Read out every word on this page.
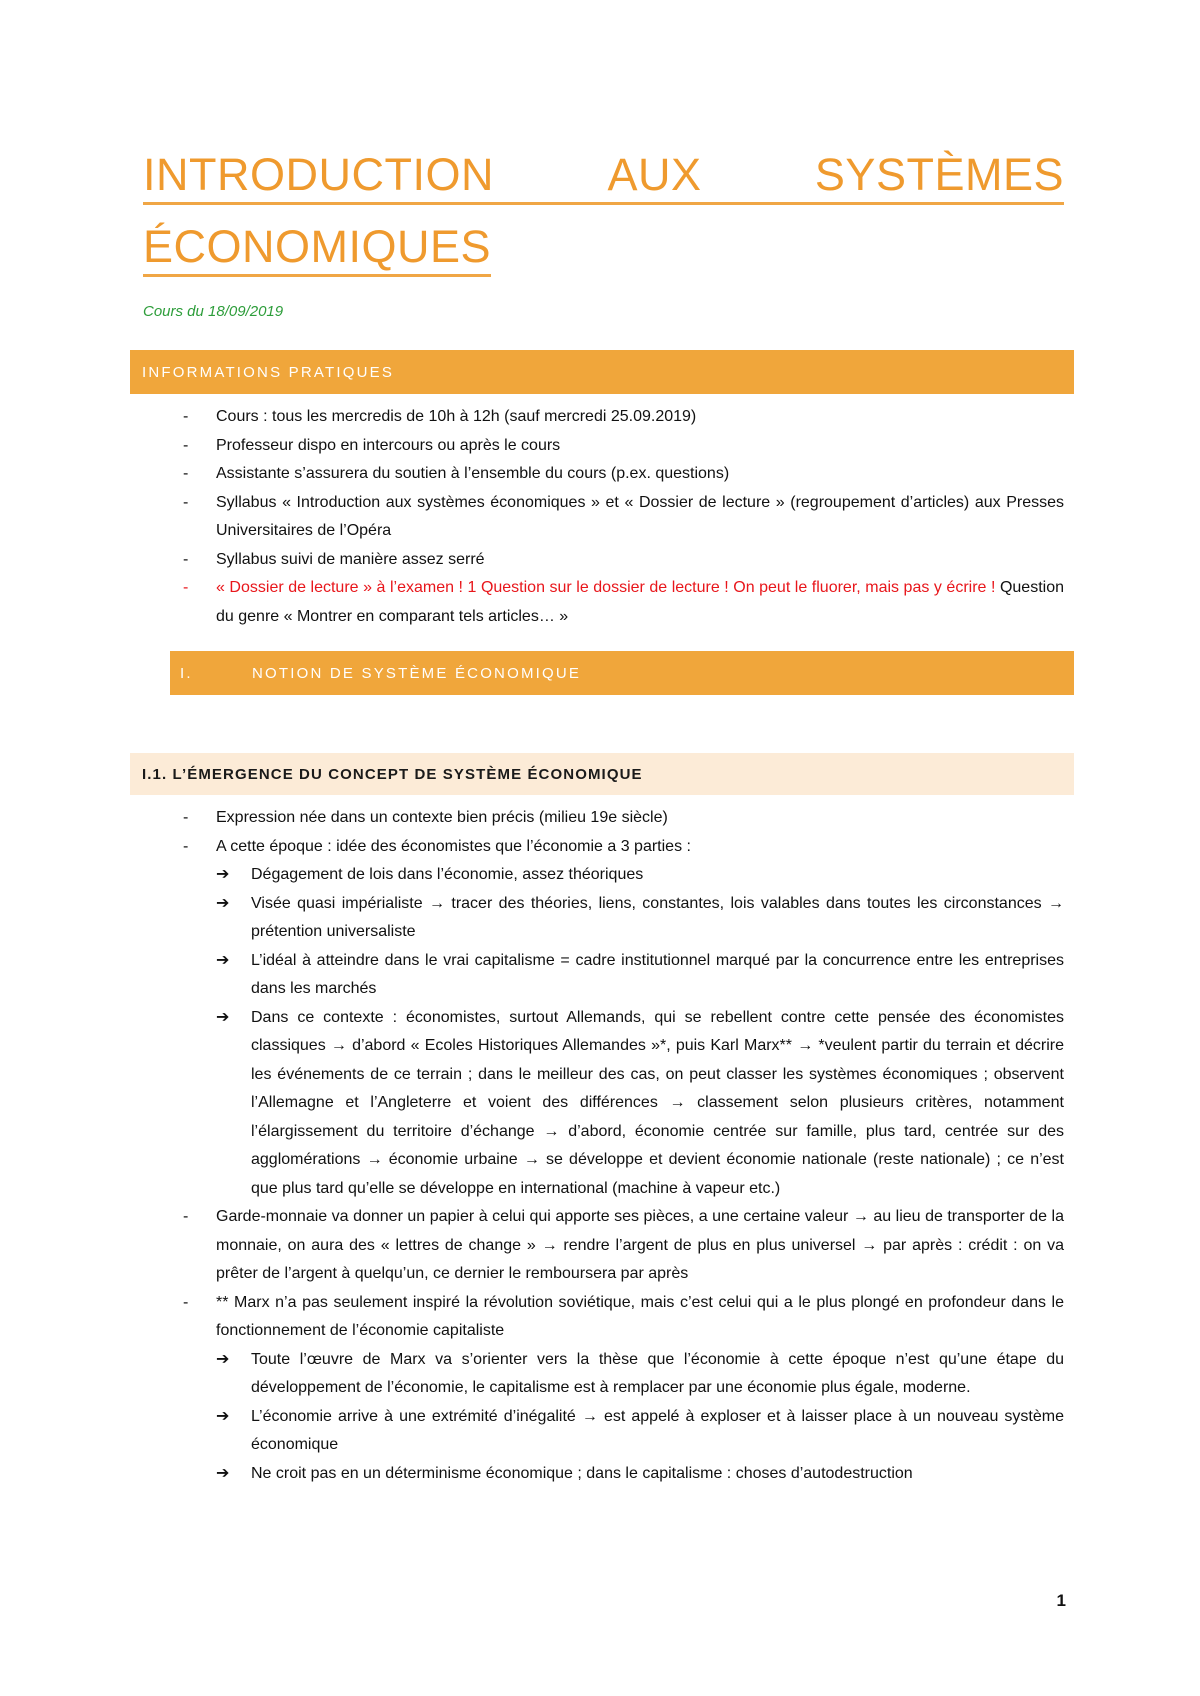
INTRODUCTION	AUX	SYSTÈMES
ÉCONOMIQUES
Cours du 18/09/2019
INFORMATIONS PRATIQUES
- Cours : tous les mercredis de 10h à 12h (sauf mercredi 25.09.2019)
- Professeur dispo en intercours ou après le cours
- Assistante s’assurera du soutien à l’ensemble du cours (p.ex. questions)
- Syllabus « Introduction aux systèmes économiques » et « Dossier de lecture » (regroupement d’articles) aux Presses Universitaires de l’Opéra
- Syllabus suivi de manière assez serré
- « Dossier de lecture » à l’examen ! 1 Question sur le dossier de lecture ! On peut le fluorer, mais pas y écrire ! Question du genre « Montrer en comparant tels articles… »
I.	NOTION DE SYSTÈME ÉCONOMIQUE
I.1. L’ÉMERGENCE DU CONCEPT DE SYSTÈME ÉCONOMIQUE
- Expression née dans un contexte bien précis (milieu 19e siècle)
- A cette époque : idée des économistes que l’économie a 3 parties :
➔ Dégagement de lois dans l’économie, assez théoriques
➔ Visée quasi impérialiste → tracer des théories, liens, constantes, lois valables dans toutes les circonstances → prétention universaliste
➔ L’idéal à atteindre dans le vrai capitalisme = cadre institutionnel marqué par la concurrence entre les entreprises dans les marchés
➔ Dans ce contexte : économistes, surtout Allemands, qui se rebellent contre cette pensée des économistes classiques → d’abord « Ecoles Historiques Allemandes »*, puis Karl Marx** → *veulent partir du terrain et décrire les événements de ce terrain ; dans le meilleur des cas, on peut classer les systèmes économiques ; observent l’Allemagne et l’Angleterre et voient des différences → classement selon plusieurs critères, notamment l’élargissement du territoire d’échange → d’abord, économie centrée sur famille, plus tard, centrée sur des agglomérations → économie urbaine → se développe et devient économie nationale (reste nationale) ; ce n’est que plus tard qu’elle se développe en international (machine à vapeur etc.)
- Garde-monnaie va donner un papier à celui qui apporte ses pièces, a une certaine valeur → au lieu de transporter de la monnaie, on aura des « lettres de change » → rendre l’argent de plus en plus universel → par après : crédit : on va prêter de l’argent à quelqu’un, ce dernier le remboursera par après
- ** Marx n’a pas seulement inspiré la révolution soviétique, mais c’est celui qui a le plus plongé en profondeur dans le fonctionnement de l’économie capitaliste
➔ Toute l’œuvre de Marx va s’orienter vers la thèse que l’économie à cette époque n’est qu’une étape du développement de l’économie, le capitalisme est à remplacer par une économie plus égale, moderne.
➔ L’économie arrive à une extrémité d’inégalité → est appelé à exploser et à laisser place à un nouveau système économique
➔ Ne croit pas en un déterminisme économique ; dans le capitalisme : choses d’autodestruction
1
